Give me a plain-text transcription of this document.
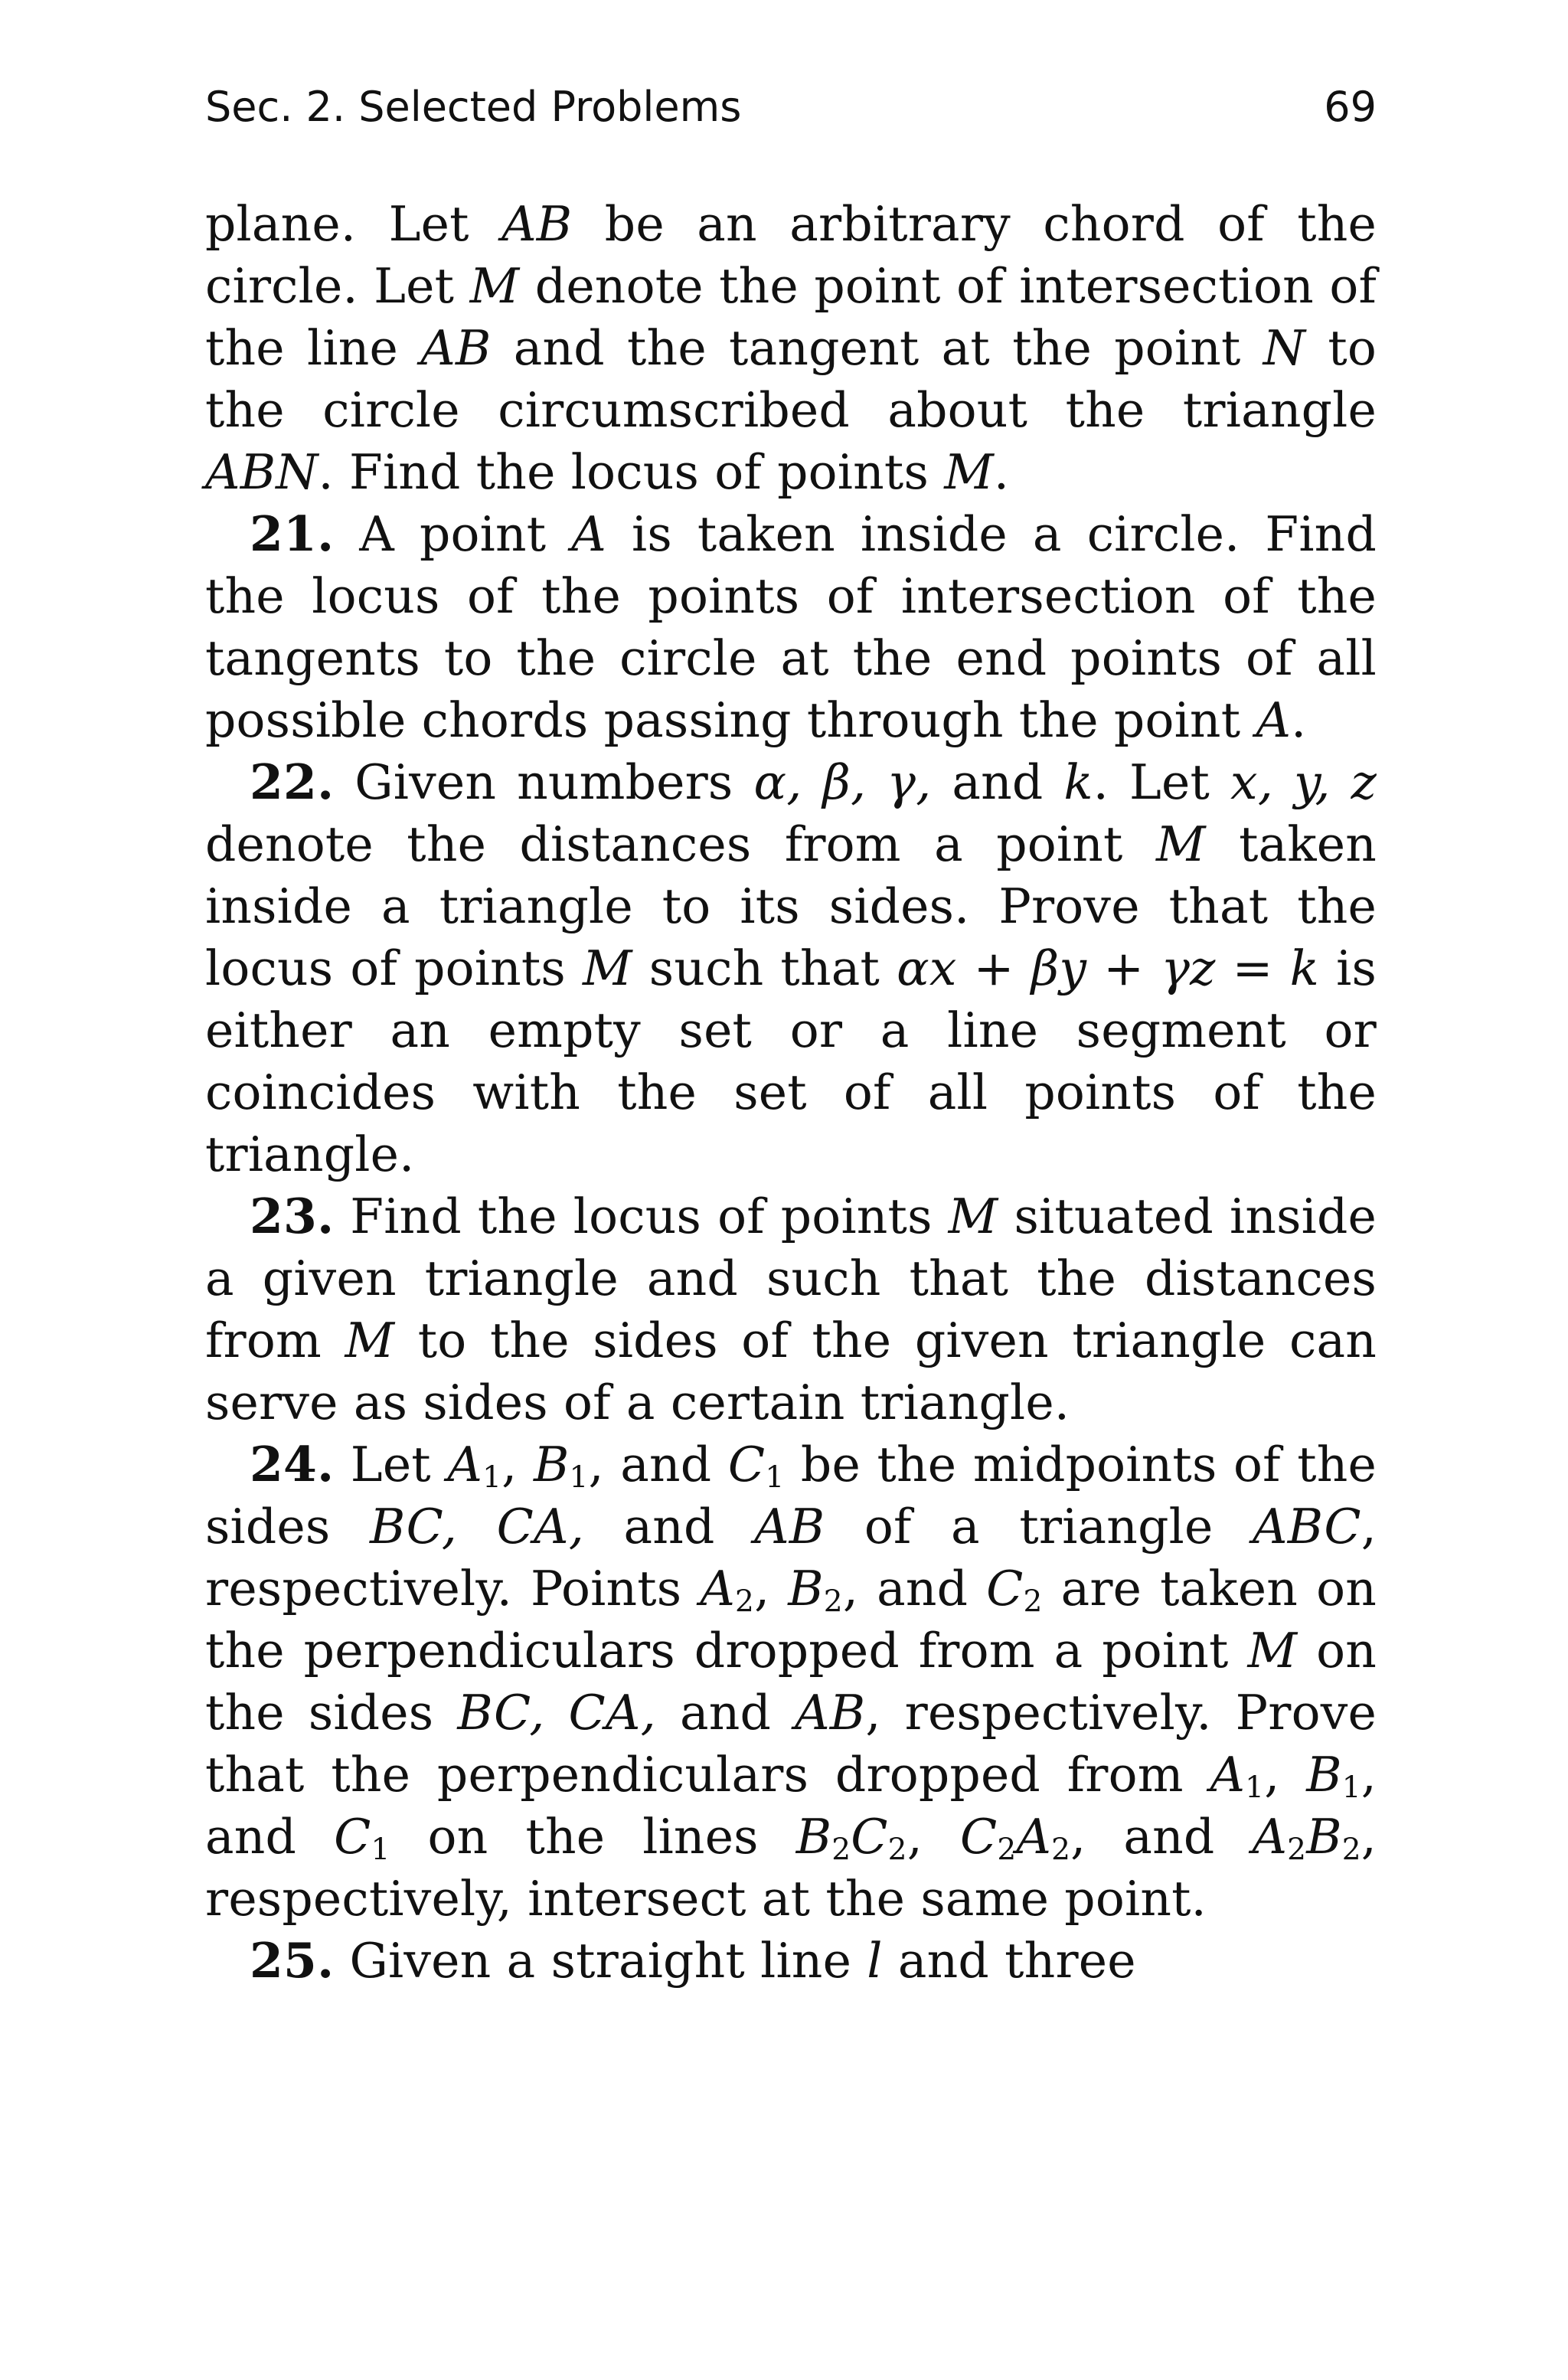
Sec. 2. Selected Problems	69

plane. Let AB be an arbitrary chord of the circle. Let M denote the point of intersection of the line AB and the tangent at the point N to the circle circumscribed about the triangle ABN. Find the locus of points M.

21. A point A is taken inside a circle. Find the locus of the points of intersection of the tangents to the circle at the end points of all possible chords passing through the point A.

22. Given numbers α, β, γ, and k. Let x, y, z denote the distances from a point M taken inside a triangle to its sides. Prove that the locus of points M such that αx + βy + γz = k is either an empty set or a line segment or coincides with the set of all points of the triangle.

23. Find the locus of points M situated inside a given triangle and such that the distances from M to the sides of the given triangle can serve as sides of a certain triangle.

24. Let $A_1$, $B_1$, and $C_1$ be the midpoints of the sides BC, CA, and AB of a triangle ABC, respectively. Points $A_2$, $B_2$, and $C_2$ are taken on the perpendiculars dropped from a point M on the sides BC, CA, and AB, respectively. Prove that the perpendiculars dropped from $A_1$, $B_1$, and $C_1$ on the lines $B_2C_2$, $C_2A_2$, and $A_2B_2$, respectively, intersect at the same point.

25. Given a straight line l and three
